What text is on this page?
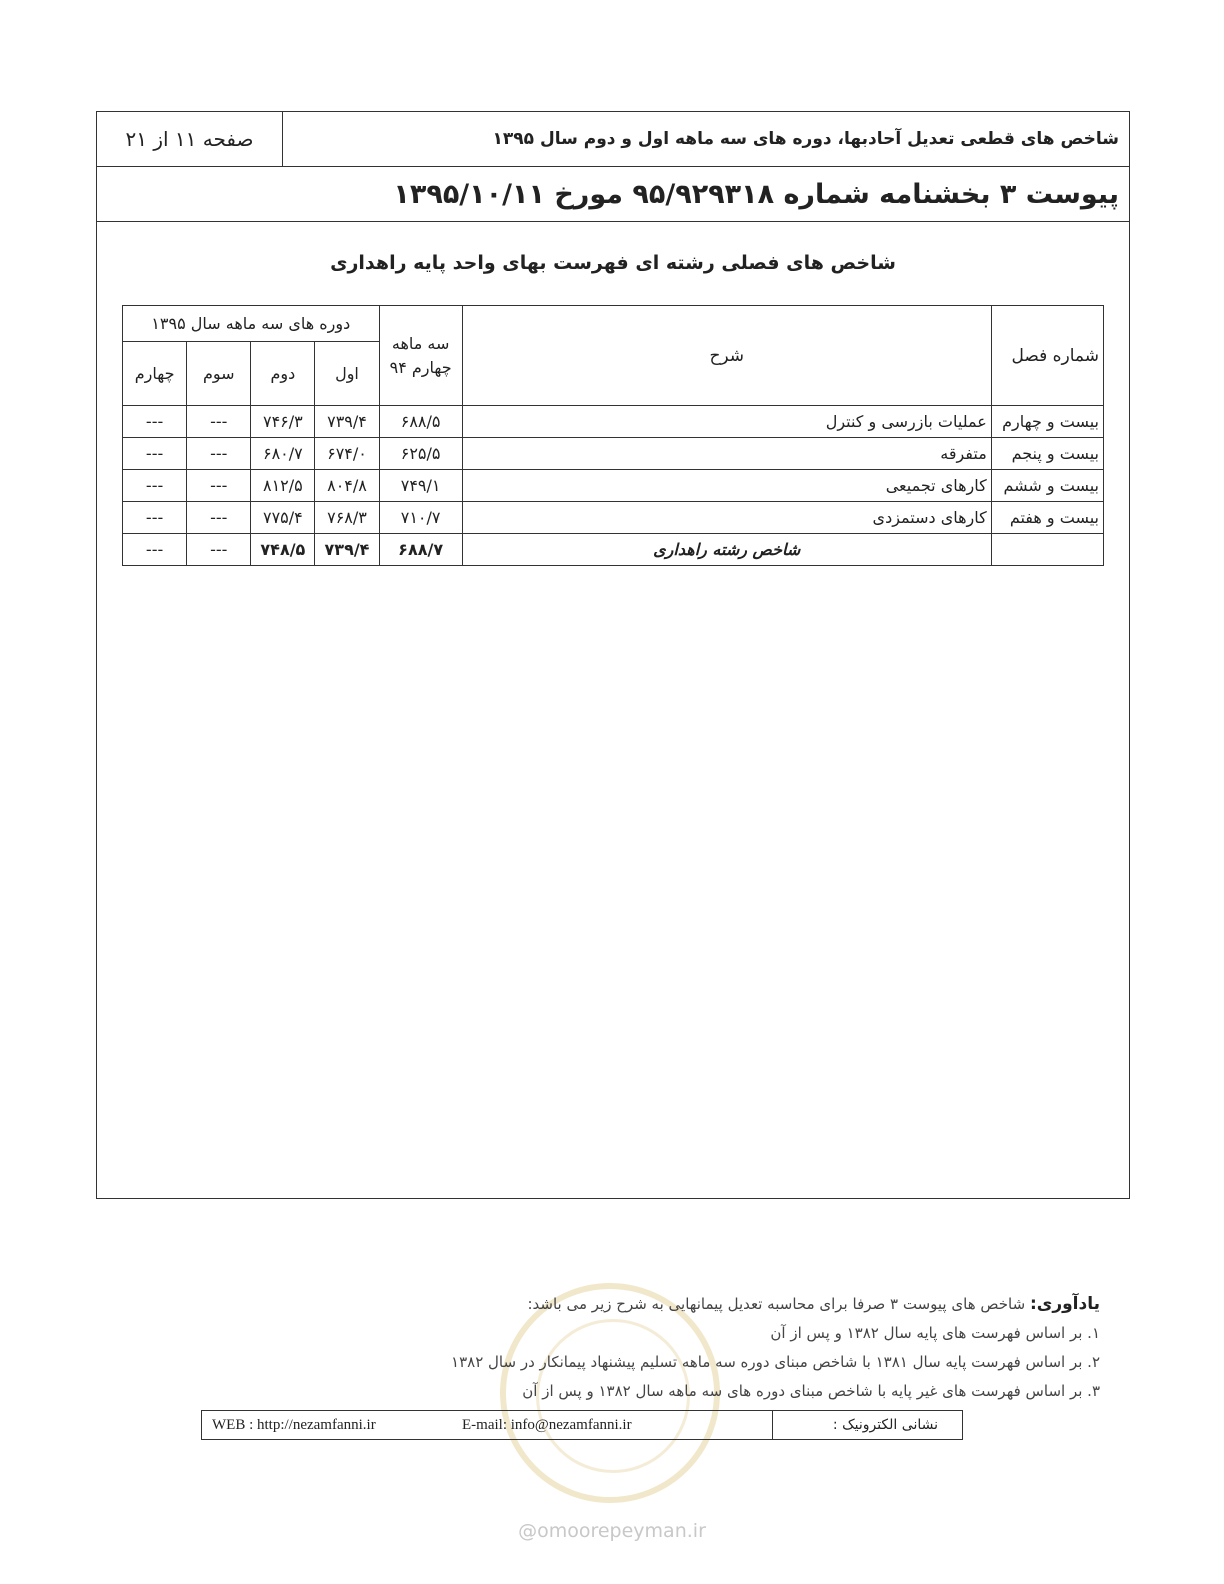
صفحه ۱۱ از ۲۱	شاخص های قطعی تعدیل آحادبها، دوره های سه ماهه اول و دوم سال ۱۳۹۵
پیوست ۳ بخشنامه شماره ۹۵/۹۲۹۳۱۸ مورخ ۱۳۹۵/۱۰/۱۱
شاخص های فصلی رشته ای فهرست بهای واحد پایه راهداری
شماره فصل	شرح	سه ماهه چهارم ۹۴	دوره های سه ماهه سال ۱۳۹۵			
			اول	دوم	سوم	چهارم
بیست و چهارم	عملیات بازرسی و کنترل	۶۸۸/۵	۷۳۹/۴	۷۴۶/۳	---	---
بیست و پنجم	متفرقه	۶۲۵/۵	۶۷۴/۰	۶۸۰/۷	---	---
بیست و ششم	کارهای تجمیعی	۷۴۹/۱	۸۰۴/۸	۸۱۲/۵	---	---
بیست و هفتم	کارهای دستمزدی	۷۱۰/۷	۷۶۸/۳	۷۷۵/۴	---	---
	شاخص رشته راهداری	۶۸۸/۷	۷۳۹/۴	۷۴۸/۵	---	---
یادآوری: شاخص های پیوست ۳ صرفا برای محاسبه تعدیل پیمانهایی به شرح زیر می باشد:
۱. بر اساس فهرست های پایه سال ۱۳۸۲ و پس از آن
۲. بر اساس فهرست پایه سال ۱۳۸۱ با شاخص مبنای دوره سه ماهه تسلیم پیشنهاد پیمانکار در سال ۱۳۸۲
۳. بر اساس فهرست های غیر پایه با شاخص مبنای دوره های سه ماهه سال ۱۳۸۲ و پس از آن
نشانی الکترونیک :
WEB : http://nezamfanni.ir	E-mail: info@nezamfanni.ir
@omoorepeyman.ir
